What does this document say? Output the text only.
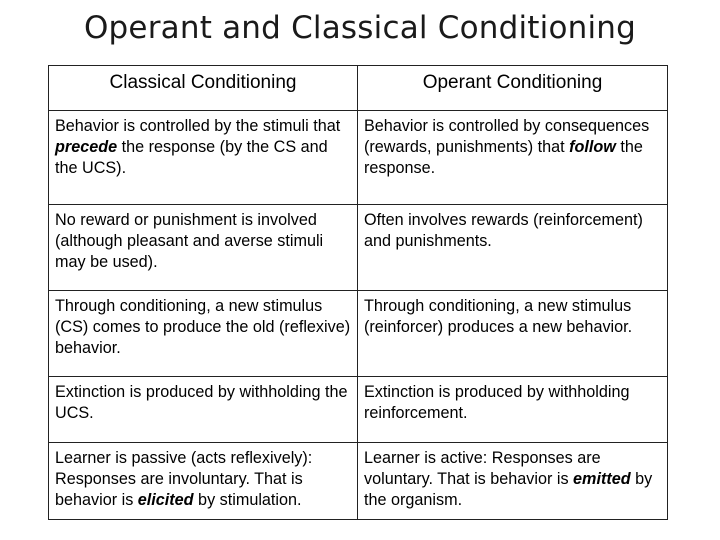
Operant and Classical Conditioning
Classical Conditioning	Operant Conditioning
Behavior is controlled by the stimuli that precede the response (by the CS and the UCS).	Behavior is controlled by consequences (rewards, punishments) that follow the response.
No reward or punishment is involved (although pleasant and averse stimuli may be used).	Often involves rewards (reinforcement) and punishments.
Through conditioning, a new stimulus (CS) comes to produce the old (reflexive) behavior.	Through conditioning, a new stimulus (reinforcer) produces a new behavior.
Extinction is produced by withholding the UCS.	Extinction is produced by withholding reinforcement.
Learner is passive (acts reflexively): Responses are involuntary. That is behavior is elicited by stimulation.	Learner is active: Responses are voluntary. That is behavior is emitted by the organism.
